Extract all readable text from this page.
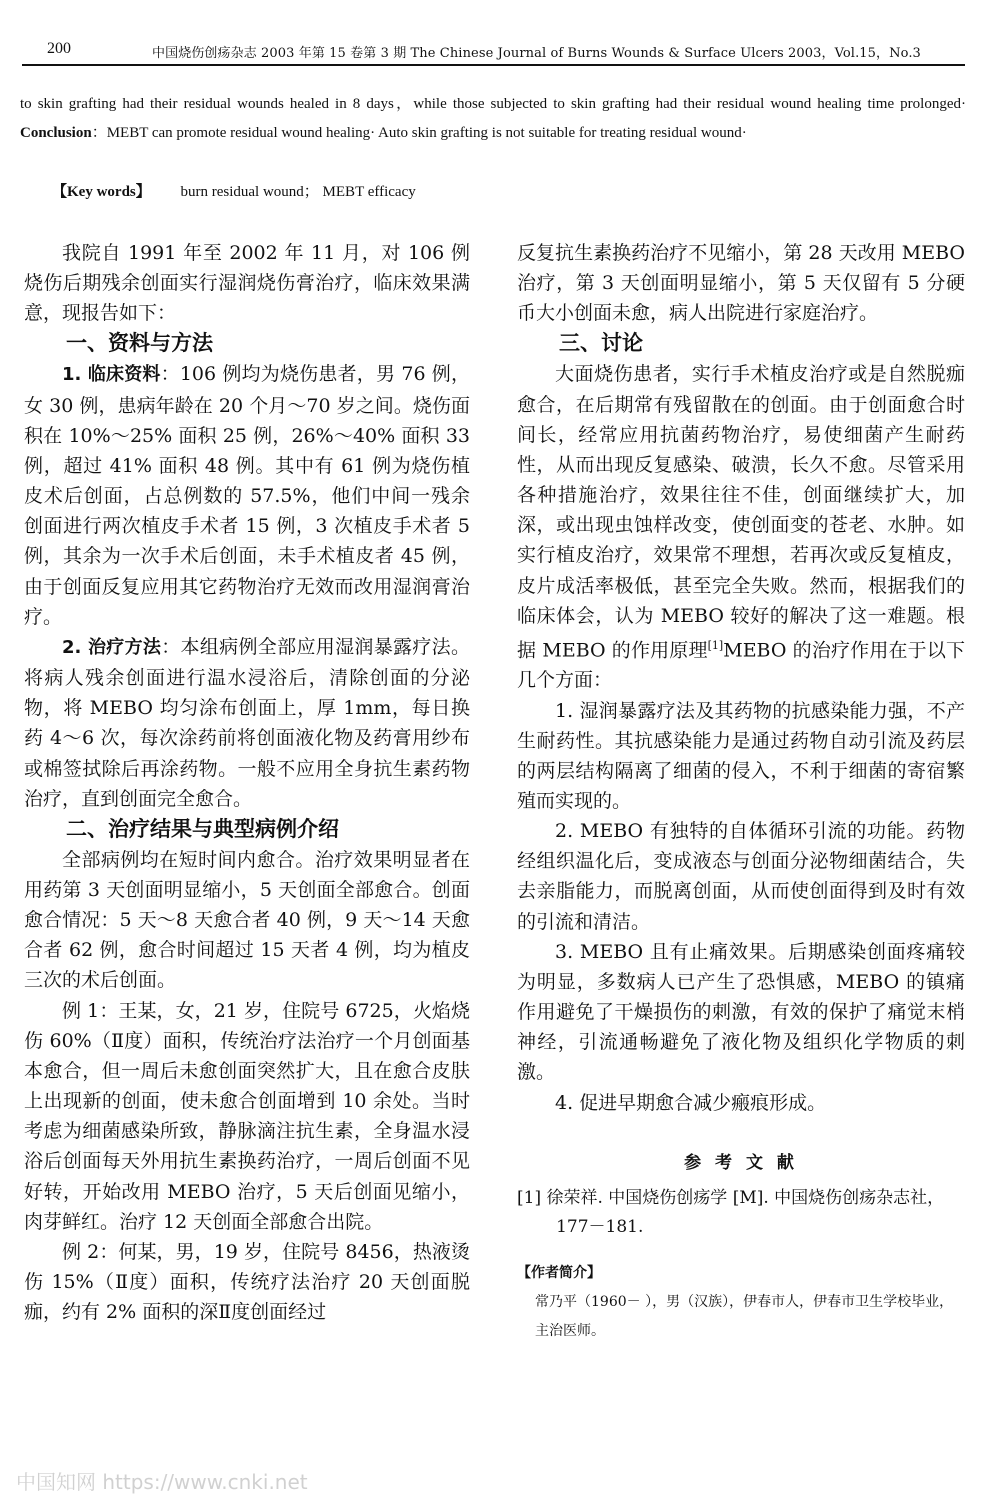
200	中国烧伤创疡杂志 2003 年第 15 卷第 3 期 The Chinese Journal of Burns Wounds & Surface Ulcers 2003，Vol.15，No.3
to skin grafting had their residual wounds healed in 8 days，while those subjected to skin grafting had their residual wound healing time prolonged· Conclusion：MEBT can promote residual wound healing· Auto skin grafting is not suitable for treating residual wound·
【Key words】 burn residual wound； MEBT efficacy

我院自 1991 年至 2002 年 11 月，对 106 例烧伤后期残余创面实行湿润烧伤膏治疗，临床效果满意，现报告如下：

一、资料与方法

1. 临床资料：106 例均为烧伤患者，男 76 例，女 30 例，患病年龄在 20 个月～70 岁之间。烧伤面积在 10%～25% 面积 25 例，26%～40% 面积 33 例，超过 41% 面积 48 例。其中有 61 例为烧伤植皮术后创面，占总例数的 57.5%，他们中间一残余创面进行两次植皮手术者 15 例，3 次植皮手术者 5 例，其余为一次手术后创面，未手术植皮者 45 例，由于创面反复应用其它药物治疗无效而改用湿润膏治疗。

2. 治疗方法：本组病例全部应用湿润暴露疗法。将病人残余创面进行温水浸浴后，清除创面的分泌物，将 MEBO 均匀涂布创面上，厚 1mm，每日换药 4～6 次，每次涂药前将创面液化物及药膏用纱布或棉签拭除后再涂药物。一般不应用全身抗生素药物治疗，直到创面完全愈合。

二、治疗结果与典型病例介绍

全部病例均在短时间内愈合。治疗效果明显者在用药第 3 天创面明显缩小，5 天创面全部愈合。创面愈合情况：5 天～8 天愈合者 40 例，9 天～14 天愈合者 62 例，愈合时间超过 15 天者 4 例，均为植皮三次的术后创面。

例 1：王某，女，21 岁，住院号 6725，火焰烧伤 60%（Ⅱ度）面积，传统治疗法治疗一个月创面基本愈合，但一周后未愈创面突然扩大，且在愈合皮肤上出现新的创面，使未愈合创面增到 10 余处。当时考虑为细菌感染所致，静脉滴注抗生素，全身温水浸浴后创面每天外用抗生素换药治疗，一周后创面不见好转，开始改用 MEBO 治疗，5 天后创面见缩小，肉芽鲜红。治疗 12 天创面全部愈合出院。

例 2：何某，男，19 岁，住院号 8456，热液烫伤 15%（Ⅱ度）面积，传统疗法治疗 20 天创面脱痂，约有 2% 面积的深Ⅱ度创面经过

反复抗生素换药治疗不见缩小，第 28 天改用 MEBO 治疗，第 3 天创面明显缩小，第 5 天仅留有 5 分硬币大小创面未愈，病人出院进行家庭治疗。

三、讨论

大面烧伤患者，实行手术植皮治疗或是自然脱痂愈合，在后期常有残留散在的创面。由于创面愈合时间长，经常应用抗菌药物治疗，易使细菌产生耐药性，从而出现反复感染、破溃，长久不愈。尽管采用各种措施治疗，效果往往不佳，创面继续扩大，加深，或出现虫蚀样改变，使创面变的苍老、水肿。如实行植皮治疗，效果常不理想，若再次或反复植皮，皮片成活率极低，甚至完全失败。然而，根据我们的临床体会，认为 MEBO 较好的解决了这一难题。根据 MEBO 的作用原理[1]MEBO 的治疗作用在于以下几个方面：

1. 湿润暴露疗法及其药物的抗感染能力强，不产生耐药性。其抗感染能力是通过药物自动引流及药层的两层结构隔离了细菌的侵入，不利于细菌的寄宿繁殖而实现的。

2. MEBO 有独特的自体循环引流的功能。药物经组织温化后，变成液态与创面分泌物细菌结合，失去亲脂能力，而脱离创面，从而使创面得到及时有效的引流和清洁。

3. MEBO 且有止痛效果。后期感染创面疼痛较为明显，多数病人已产生了恐惧感，MEBO 的镇痛作用避免了干燥损伤的刺激，有效的保护了痛觉末梢神经，引流通畅避免了液化物及组织化学物质的刺激。

4. 促进早期愈合减少瘢痕形成。

参 考 文 献
[1] 徐荣祥. 中国烧伤创疡学 [M]. 中国烧伤创疡杂志社，177－181.
【作者简介】
常乃平（1960－ ），男（汉族），伊春市人，伊春市卫生学校毕业，主治医师。
中国知网 https://www.cnki.net
